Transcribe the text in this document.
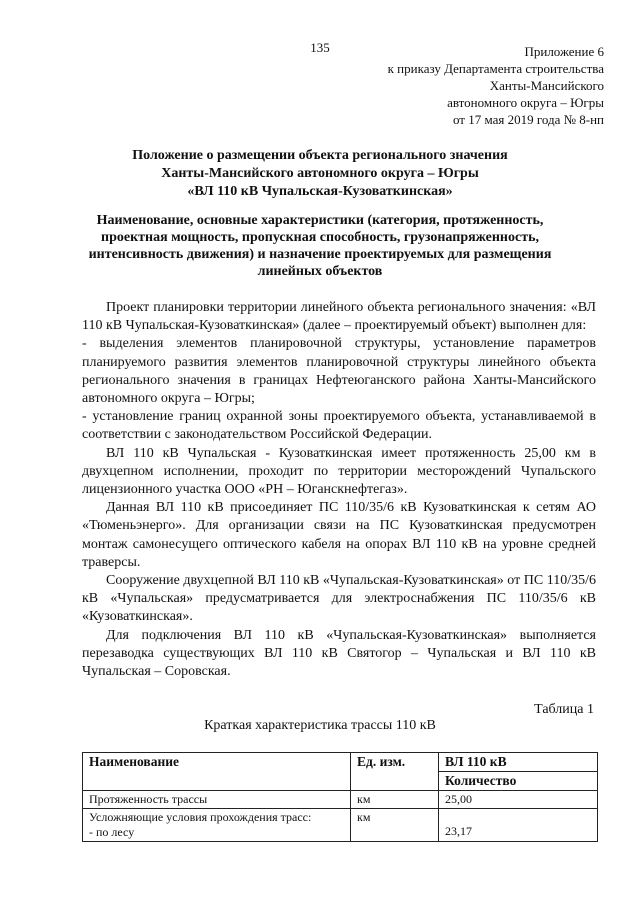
135	Приложение 6
к приказу Департамента строительства
Ханты-Мансийского
автономного округа – Югры
от 17 мая 2019 года № 8-нп
Положение о размещении объекта регионального значения
Ханты-Мансийского автономного округа – Югры
«ВЛ 110 кВ Чупальская-Кузоваткинская»
Наименование, основные характеристики (категория, протяженность, проектная мощность, пропускная способность, грузонапряженность, интенсивность движения) и назначение проектируемых для размещения линейных объектов

Проект планировки территории линейного объекта регионального значения: «ВЛ 110 кВ Чупальская-Кузоваткинская» (далее – проектируемый объект) выполнен для:

- выделения элементов планировочной структуры, установление параметров планируемого развития элементов планировочной структуры линейного объекта регионального значения в границах Нефтеюганского района Ханты-Мансийского автономного округа – Югры;

- установление границ охранной зоны проектируемого объекта, устанавливаемой в соответствии с законодательством Российской Федерации.

ВЛ 110 кВ Чупальская - Кузоваткинская имеет протяженность 25,00 км в двухцепном исполнении, проходит по территории месторождений Чупальского лицензионного участка ООО «РН – Юганскнефтегаз».

Данная ВЛ 110 кВ присоединяет ПС 110/35/6 кВ Кузоваткинская к сетям АО «Тюменьэнерго». Для организации связи на ПС Кузоваткинская предусмотрен монтаж самонесущего оптического кабеля на опорах ВЛ 110 кВ на уровне средней траверсы.

Сооружение двухцепной ВЛ 110 кВ «Чупальская-Кузоваткинская» от ПС 110/35/6 кВ «Чупальская» предусматривается для электроснабжения ПС 110/35/6 кВ «Кузоваткинская».

Для подключения ВЛ 110 кВ «Чупальская-Кузоваткинская» выполняется перезаводка существующих ВЛ 110 кВ Святогор – Чупальская и ВЛ 110 кВ Чупальская – Соровская.

Таблица 1
Краткая характеристика трассы 110 кВ
Наименование	Ед. изм.	ВЛ 110 кВ
		Количество
Протяженность трассы	км	25,00

Усложняющие условия прохождения трасс:
- по лесу	км	23,17
